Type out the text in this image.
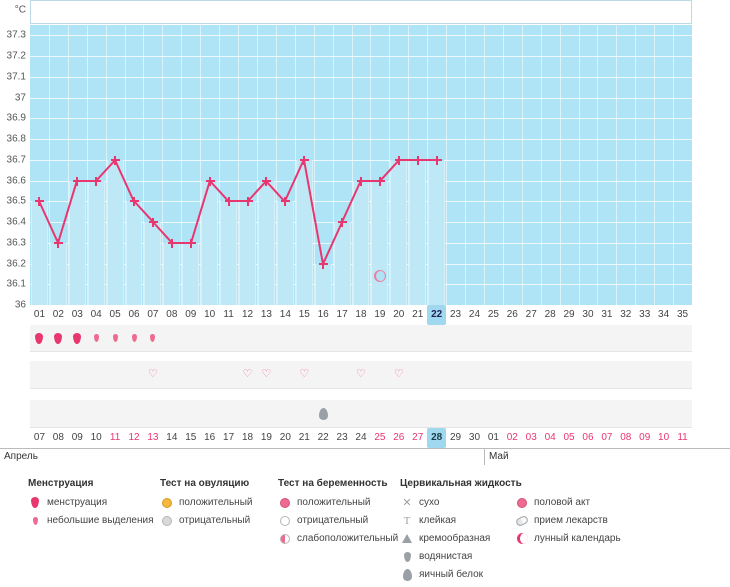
°C
37.3
37.2
37.1
37
36.9
36.8
36.7
36.6
36.5
36.4
36.3
36.2
36.1
36
01 02 03 04 05 06 07 08 09 10 11 12 13 14 15 16 17 18 19 20 21 22 23 24 25 26 27 28 29 30 31 32 33 34 35
♡	♡ ♡	♡	♡	♡
07 08 09 10 11 12 13 14 15 16 17 18 19 20 21 22 23 24 25 26 27 28 29 30 01 02 03 04 05 06 07 08 09 10 11
Апрель	Май
Менструация
менструация
небольшие выделения
Тест на овуляцию
положительный
отрицательный
Тест на беременность
положительный
отрицательный
слабоположительный
Цервикальная жидкость
✕ сухо
T клейкая
кремообразная
водянистая
яичный белок
половой акт
прием лекарств
лунный календарь
